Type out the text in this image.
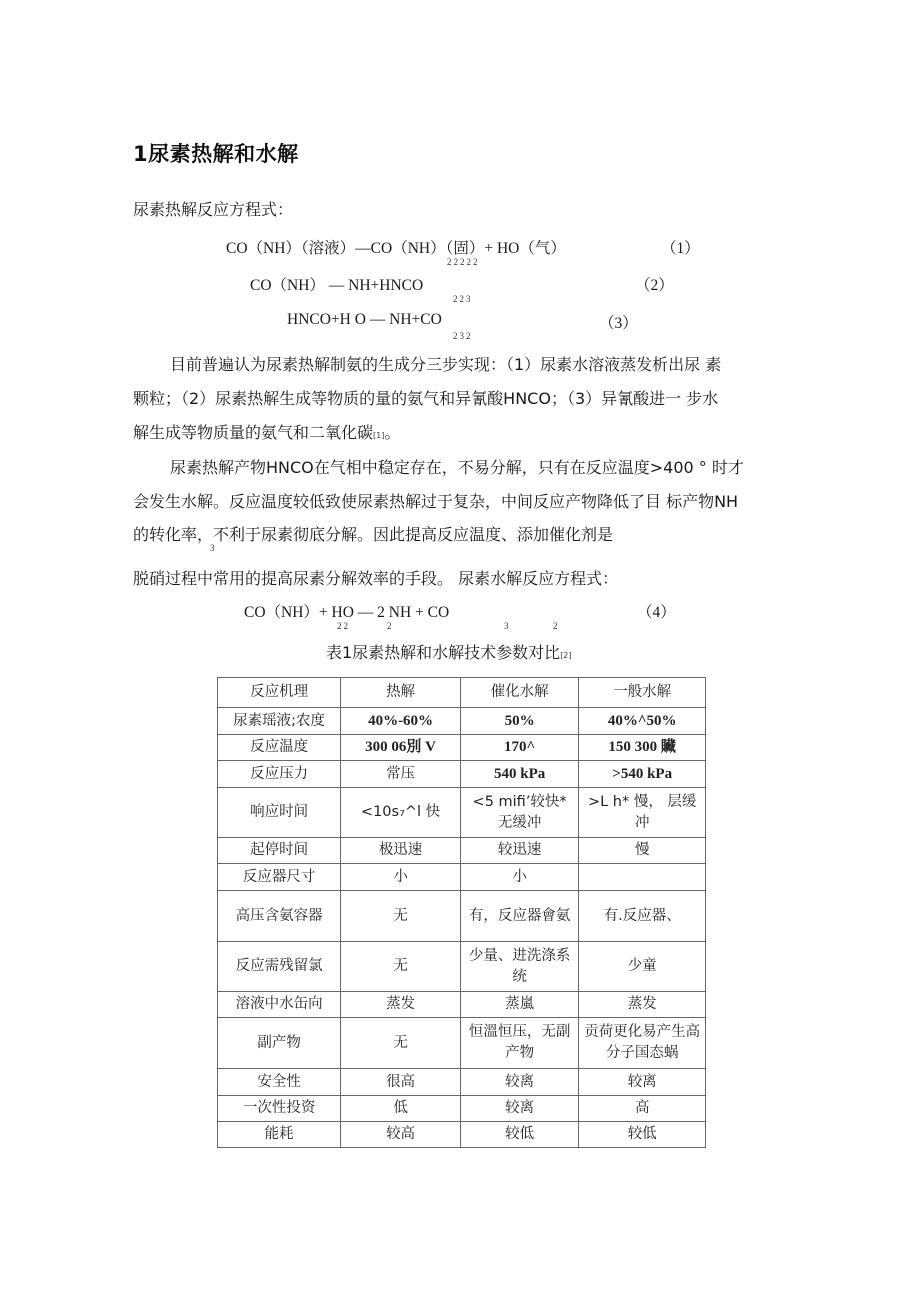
1尿素热解和水解
尿素热解反应方程式：
CO（NH）（溶液）—CO（NH）（固）+ HO（气）	（1）
22222
CO（NH） — NH+HNCO	（2）
223
HNCO+H O — NH+CO	（3）
232
目前普遍认为尿素热解制氨的生成分三步实现：（1）尿素水溶液蒸发析出尿 素
颗粒；（2）尿素热解生成等物质的量的氨气和异氰酸HNCO；（3）异氰酸进一 步水
解生成等物质量的氨气和二氧化碳[1]。
尿素热解产物HNCO在气相中稳定存在，不易分解，只有在反应温度>400 ° 时才
会发生水解。反应温度较低致使尿素热解过于复杂，中间反应产物降低了目 标产物NH
的转化率，不利于尿素彻底分解。因此提高反应温度、添加催化剂是
3
脱硝过程中常用的提高尿素分解效率的手段。 尿素水解反应方程式：
CO（NH）+ HO — 2 NH + CO	（4）
22	2	3	2
表1尿素热解和水解技术参数对比[2]
反应机理	热解	催化水解	一般水解
尿素瑶液;农度	40%-60%	50%	40%^50%
反应温度	300 06別 V	170^	150 300 贜
反应压力	常压	540 kPa	>540 kPa
响应时间	<10s₇^l 快	<5 mifi’较快* 无缓冲	>L h* 慢， 层缓冲
起停时间	极迅速	较迅速	慢
反应器尺寸	小	小	
高压含氨容器	无	有，反应器會氨	有.反应器、
反应需残留氯	无	少量、进洗涤系统	少童
溶液中水缶向	蒸发	蒸嵐	蒸发
副产物	无	恒溫恒压，无副产物	贡荷更化易产生高分子国态蜗
安全性	很高	较离	较离
一次性投资	低	较离	高
能耗	较高	较低	较低
